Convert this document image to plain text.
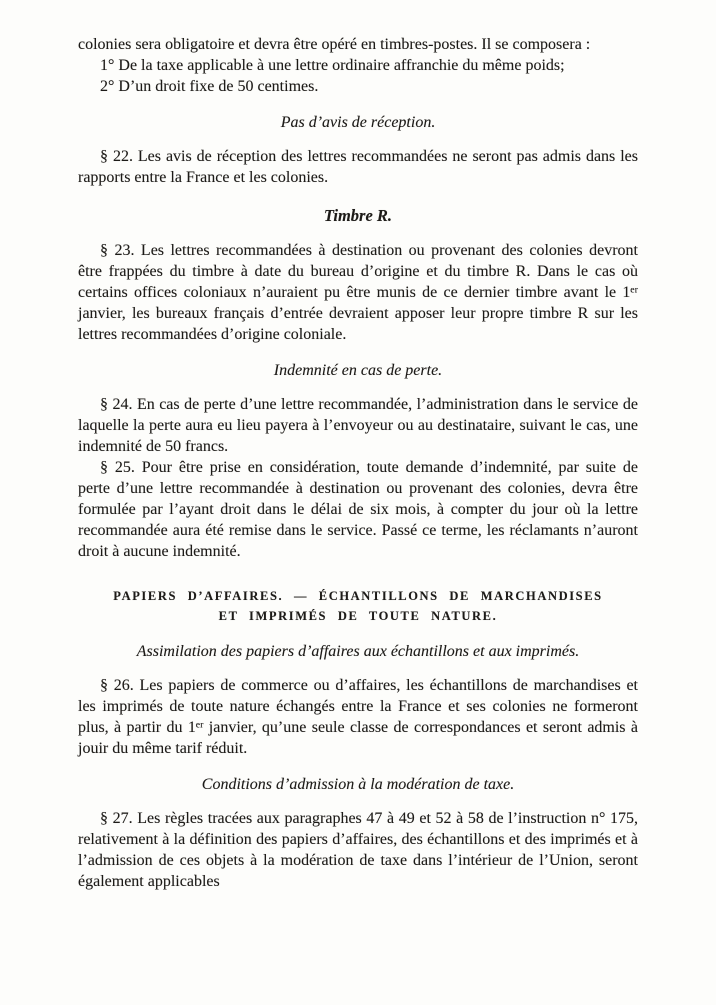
colonies sera obligatoire et devra être opéré en timbres-postes. Il se composera :

1° De la taxe applicable à une lettre ordinaire affranchie du même poids;

2° D’un droit fixe de 50 centimes.

Pas d’avis de réception.

§ 22. Les avis de réception des lettres recommandées ne seront pas admis dans les rapports entre la France et les colonies.

Timbre R.

§ 23. Les lettres recommandées à destination ou provenant des colonies devront être frappées du timbre à date du bureau d’origine et du timbre R. Dans le cas où certains offices coloniaux n’auraient pu être munis de ce dernier timbre avant le 1ᵉʳ janvier, les bureaux français d’entrée devraient apposer leur propre timbre R sur les lettres recommandées d’origine coloniale.

Indemnité en cas de perte.

§ 24. En cas de perte d’une lettre recommandée, l’administration dans le service de laquelle la perte aura eu lieu payera à l’envoyeur ou au destinataire, suivant le cas, une indemnité de 50 francs.

§ 25. Pour être prise en considération, toute demande d’indemnité, par suite de perte d’une lettre recommandée à destination ou provenant des colonies, devra être formulée par l’ayant droit dans le délai de six mois, à compter du jour où la lettre recommandée aura été remise dans le service. Passé ce terme, les réclamants n’auront droit à aucune indemnité.

PAPIERS D’AFFAIRES. — ÉCHANTILLONS DE MARCHANDISES
ET IMPRIMÉS DE TOUTE NATURE.
Assimilation des papiers d’affaires aux échantillons et aux imprimés.

§ 26. Les papiers de commerce ou d’affaires, les échantillons de marchandises et les imprimés de toute nature échangés entre la France et ses colonies ne formeront plus, à partir du 1ᵉʳ janvier, qu’une seule classe de correspondances et seront admis à jouir du même tarif réduit.

Conditions d’admission à la modération de taxe.

§ 27. Les règles tracées aux paragraphes 47 à 49 et 52 à 58 de l’instruction n° 175, relativement à la définition des papiers d’affaires, des échantillons et des imprimés et à l’admission de ces objets à la modération de taxe dans l’intérieur de l’Union, seront également applicables
